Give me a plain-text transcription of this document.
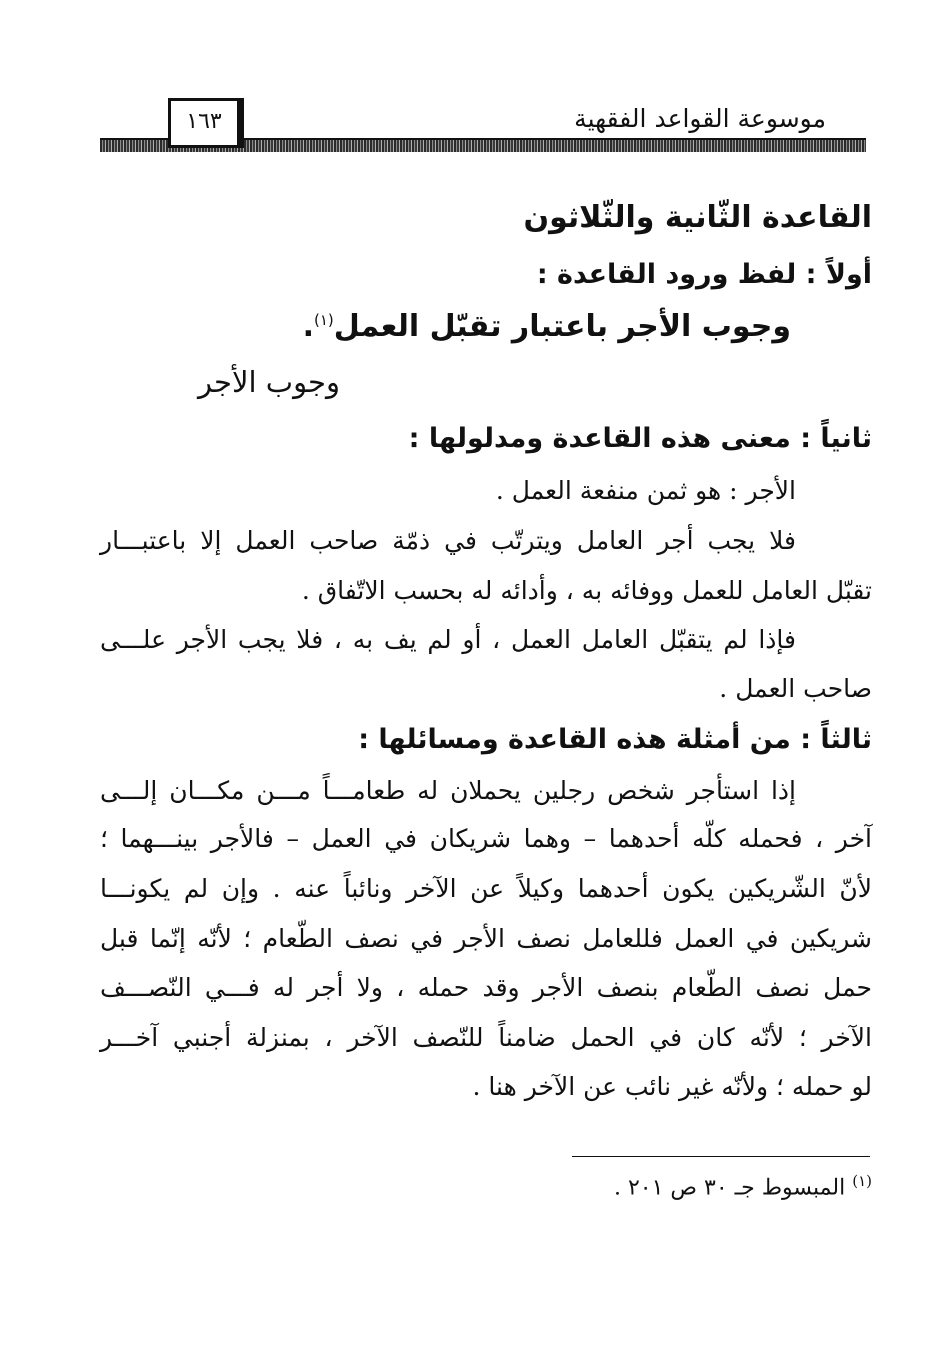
موسوعة القواعد الفقهية
١٦٣
القاعدة الثّانية والثّلاثون
أولاً : لفظ ورود القاعدة :
وجوب الأجر باعتبار تقبّل العمل$^{(١)}$.
وجوب الأجر
ثانياً : معنى هذه القاعدة ومدلولها :
الأجر : هو ثمن منفعة العمل .
فلا يجب أجر العامل ويترتّب في ذمّة صاحب العمل إلا باعتبـــار
تقبّل العامل للعمل ووفائه به ، وأدائه له بحسب الاتّفاق .
فإذا لم يتقبّل العامل العمل ، أو لم يف به ، فلا يجب الأجر علـــى
صاحب العمل .
ثالثاً : من أمثلة هذه القاعدة ومسائلها :
إذا استأجر شخص رجلين يحملان له طعامـــاً مـــن مكـــان إلـــى
آخر ، فحمله كلّه أحدهما – وهما شريكان في العمل – فالأجر بينـــهما ؛
لأنّ الشّريكين يكون أحدهما وكيلاً عن الآخر ونائباً عنه . وإن لم يكونـــا
شريكين في العمل فللعامل نصف الأجر في نصف الطّعام ؛ لأنّه إنّما قبل
حمل نصف الطّعام بنصف الأجر وقد حمله ، ولا أجر له فـــي النّصـــف
الآخر ؛ لأنّه كان في الحمل ضامناً للنّصف الآخر ، بمنزلة أجنبي آخـــر
لو حمله ؛ ولأنّه غير نائب عن الآخر هنا .
$^{(١)}$ المبسوط جـ ٣٠ ص ٢٠١ .
